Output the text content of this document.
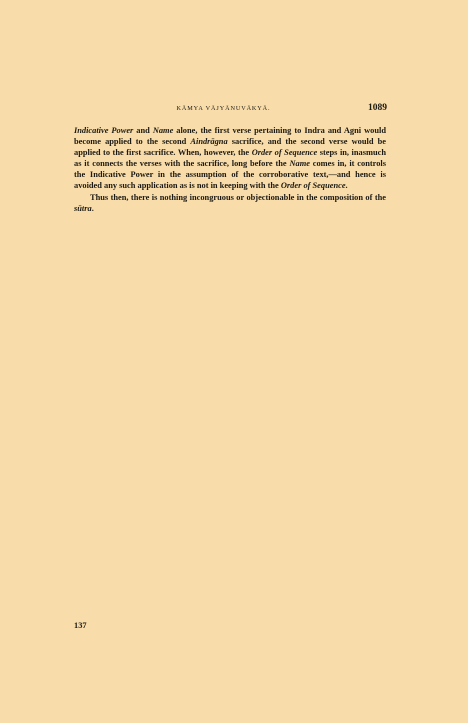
KĀMYA VĀJYĀNUVĀKYĀ.	1089

Indicative Power and Name alone, the first verse pertaining to Indra and Agni would become applied to the second Aindrāgna sacrifice, and the second verse would be applied to the first sacrifice. When, however, the Order of Sequence steps in, inasmuch as it connects the verses with the sacrifice, long before the Name comes in, it controls the Indicative Power in the assumption of the corroborative text,—and hence is avoided any such application as is not in keeping with the Order of Sequence.

Thus then, there is nothing incongruous or objectionable in the composition of the sūtra.

137
